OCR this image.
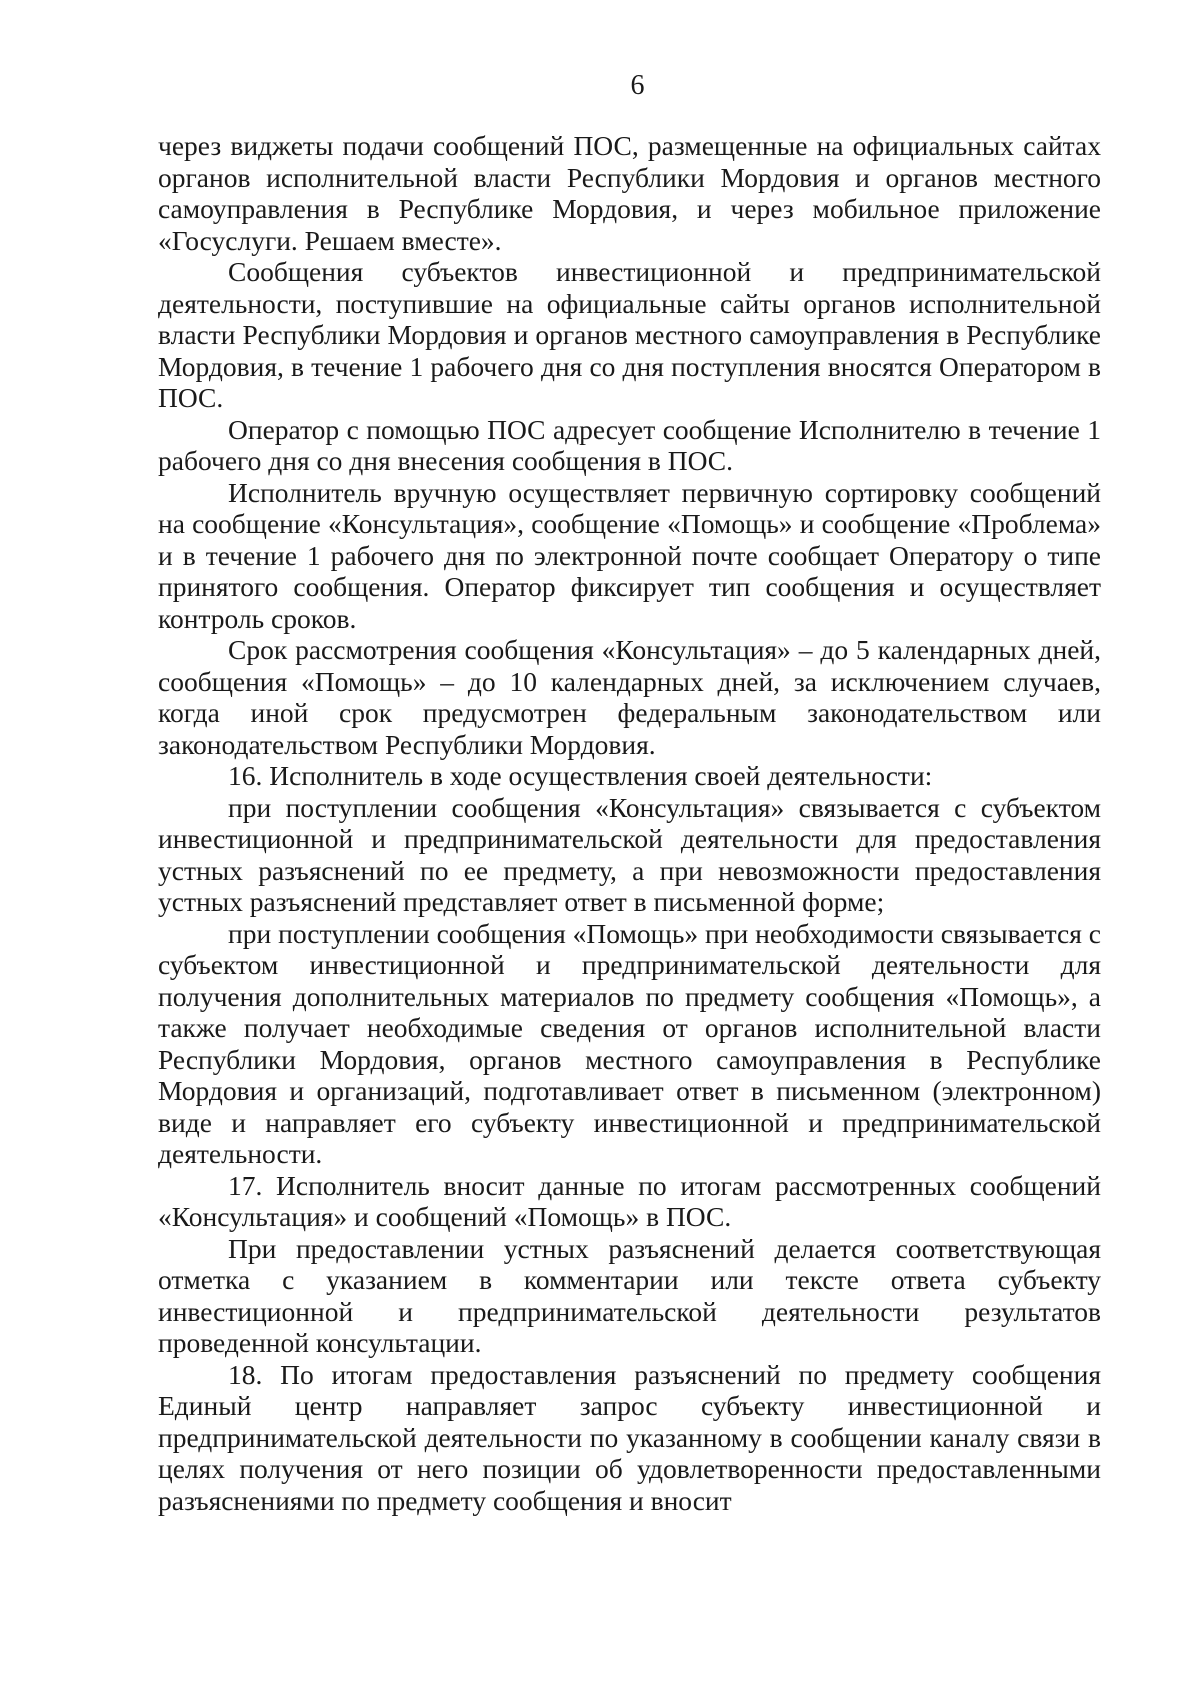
6

через виджеты подачи сообщений ПОС, размещенные на официальных сайтах органов исполнительной власти Республики Мордовия и органов местного самоуправления в Республике Мордовия, и через мобильное приложение «Госуслуги. Решаем вместе».

Сообщения субъектов инвестиционной и предпринимательской деятельности, поступившие на официальные сайты органов исполнительной власти Республики Мордовия и органов местного самоуправления в Республике Мордовия, в течение 1 рабочего дня со дня поступления вносятся Оператором в ПОС.

Оператор с помощью ПОС адресует сообщение Исполнителю в течение 1 рабочего дня со дня внесения сообщения в ПОС.

Исполнитель вручную осуществляет первичную сортировку сообщений на сообщение «Консультация», сообщение «Помощь» и сообщение «Проблема» и в течение 1 рабочего дня по электронной почте сообщает Оператору о типе принятого сообщения. Оператор фиксирует тип сообщения и осуществляет контроль сроков.

Срок рассмотрения сообщения «Консультация» – до 5 календарных дней, сообщения «Помощь» – до 10 календарных дней, за исключением случаев, когда иной срок предусмотрен федеральным законодательством или законодательством Республики Мордовия.

16. Исполнитель в ходе осуществления своей деятельности:

при поступлении сообщения «Консультация» связывается с субъектом инвестиционной и предпринимательской деятельности для предоставления устных разъяснений по ее предмету, а при невозможности предоставления устных разъяснений представляет ответ в письменной форме;

при поступлении сообщения «Помощь» при необходимости связывается с субъектом инвестиционной и предпринимательской деятельности для получения дополнительных материалов по предмету сообщения «Помощь», а также получает необходимые сведения от органов исполнительной власти Республики Мордовия, органов местного самоуправления в Республике Мордовия и организаций, подготавливает ответ в письменном (электронном) виде и направляет его субъекту инвестиционной и предпринимательской деятельности.

17. Исполнитель вносит данные по итогам рассмотренных сообщений «Консультация» и сообщений «Помощь» в ПОС.

При предоставлении устных разъяснений делается соответствующая отметка с указанием в комментарии или тексте ответа субъекту инвестиционной и предпринимательской деятельности результатов проведенной консультации.

18. По итогам предоставления разъяснений по предмету сообщения Единый центр направляет запрос субъекту инвестиционной и предпринимательской деятельности по указанному в сообщении каналу связи в целях получения от него позиции об удовлетворенности предоставленными разъяснениями по предмету сообщения и вносит
